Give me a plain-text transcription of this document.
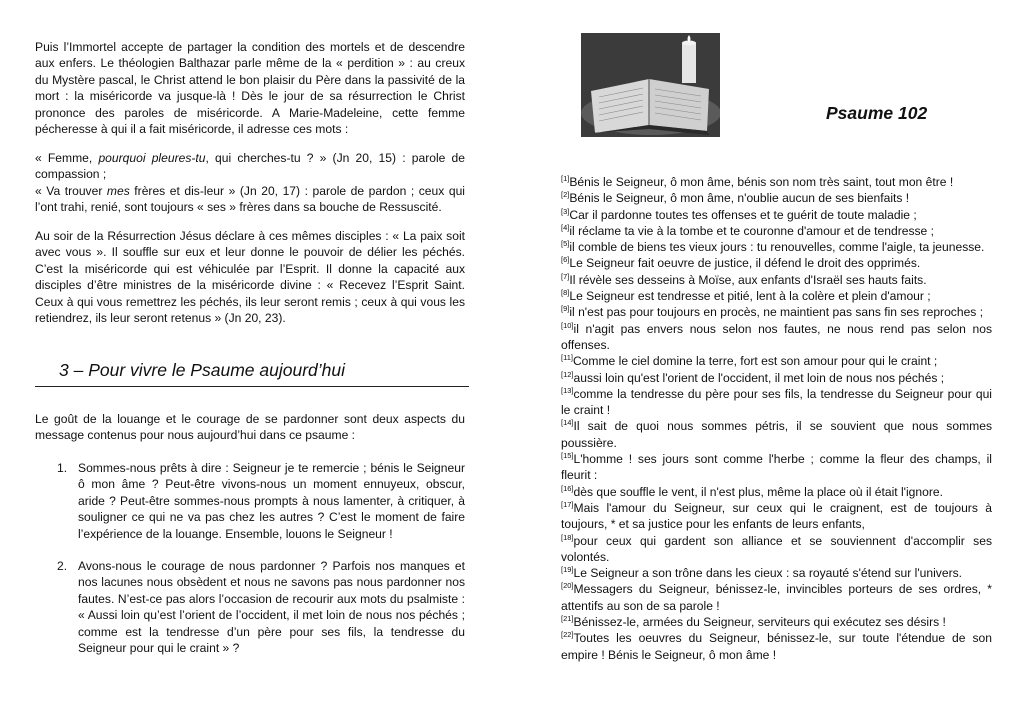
Puis l’Immortel accepte de partager la condition des mortels et de descendre aux enfers. Le théologien Balthazar parle même de la « perdition » : au creux du Mystère pascal, le Christ attend le bon plaisir du Père dans la passivité de la mort : la miséricorde va jusque-là ! Dès le jour de sa résurrection le Christ prononce des paroles de miséricorde. A Marie-Madeleine, cette femme pécheresse à qui il a fait miséricorde, il adresse ces mots :

« Femme, pourquoi pleures-tu, qui cherches-tu ? » (Jn 20, 15) : parole de compassion ;
« Va trouver mes frères et dis-leur » (Jn 20, 17) : parole de pardon ; ceux qui l’ont trahi, renié, sont toujours « ses » frères dans sa bouche de Ressuscité.

Au soir de la Résurrection Jésus déclare à ces mêmes disciples : « La paix soit avec vous ». Il souffle sur eux et leur donne le pouvoir de délier les péchés. C’est la miséricorde qui est véhiculée par l’Esprit. Il donne la capacité aux disciples d’être ministres de la miséricorde divine : « Recevez l’Esprit Saint. Ceux à qui vous remettrez les péchés, ils leur seront remis ; ceux à qui vous les retiendrez, ils leur seront retenus » (Jn 20, 23).

3 – Pour vivre le Psaume aujourd’hui

Le goût de la louange et le courage de se pardonner sont deux aspects du message contenus pour nous aujourd’hui dans ce psaume :

1. Sommes-nous prêts à dire : Seigneur je te remercie ; bénis le Seigneur ô mon âme ? Peut-être vivons-nous un moment ennuyeux, obscur, aride ? Peut-être sommes-nous prompts à nous lamenter, à critiquer, à souligner ce qui ne va pas chez les autres ? C’est le moment de faire l’expérience de la louange. Ensemble, louons le Seigneur !
2. Avons-nous le courage de nous pardonner ? Parfois nos manques et nos lacunes nous obsèdent et nous ne savons pas nous pardonner nos fautes. N’est-ce pas alors l’occasion de recourir aux mots du psalmiste : « Aussi loin qu’est l’orient de l’occident, il met loin de nous nos péchés ; comme est la tendresse d’un père pour ses fils, la tendresse du Seigneur pour qui le craint » ?
Psaume 102

[1]Bénis le Seigneur, ô mon âme, bénis son nom très saint, tout mon être !

[2]Bénis le Seigneur, ô mon âme, n'oublie aucun de ses bienfaits !

[3]Car il pardonne toutes tes offenses et te guérit de toute maladie ;

[4]il réclame ta vie à la tombe et te couronne d'amour et de tendresse ;

[5]il comble de biens tes vieux jours : tu renouvelles, comme l'aigle, ta jeunesse.

[6]Le Seigneur fait oeuvre de justice, il défend le droit des opprimés.

[7]Il révèle ses desseins à Moïse, aux enfants d'Israël ses hauts faits.

[8]Le Seigneur est tendresse et pitié, lent à la colère et plein d'amour ;

[9]il n'est pas pour toujours en procès, ne maintient pas sans fin ses reproches ;

[10]il n'agit pas envers nous selon nos fautes, ne nous rend pas selon nos offenses.

[11]Comme le ciel domine la terre, fort est son amour pour qui le craint ;

[12]aussi loin qu'est l'orient de l'occident, il met loin de nous nos péchés ;

[13]comme la tendresse du père pour ses fils, la tendresse du Seigneur pour qui le craint !

[14]Il sait de quoi nous sommes pétris, il se souvient que nous sommes poussière.

[15]L'homme ! ses jours sont comme l'herbe ; comme la fleur des champs, il fleurit :

[16]dès que souffle le vent, il n'est plus, même la place où il était l'ignore.

[17]Mais l'amour du Seigneur, sur ceux qui le craignent, est de toujours à toujours, * et sa justice pour les enfants de leurs enfants,

[18]pour ceux qui gardent son alliance et se souviennent d'accomplir ses volontés.

[19]Le Seigneur a son trône dans les cieux : sa royauté s'étend sur l'univers.

[20]Messagers du Seigneur, bénissez-le, invincibles porteurs de ses ordres, * attentifs au son de sa parole !

[21]Bénissez-le, armées du Seigneur, serviteurs qui exécutez ses désirs !

[22]Toutes les oeuvres du Seigneur, bénissez-le, sur toute l'étendue de son empire ! Bénis le Seigneur, ô mon âme !
